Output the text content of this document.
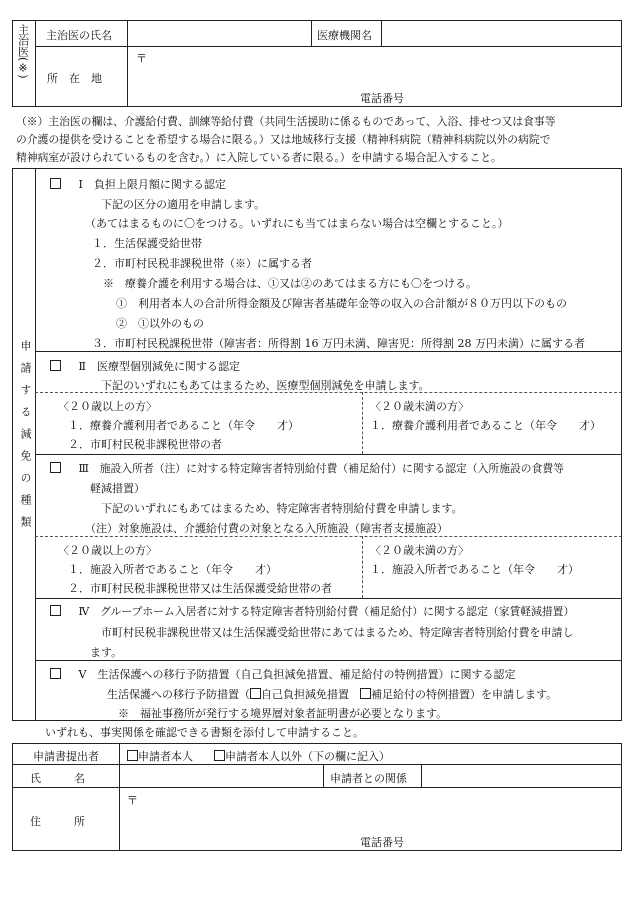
主治医(※) 主治医の氏名	医療機関名
所　在　地
〒
電話番号
（※）主治医の欄は、介護給付費、訓練等給付費（共同生活援助に係るものであって、入浴、排せつ又は食事等
の介護の提供を受けることを希望する場合に限る。）又は地域移行支援（精神科病院（精神科病院以外の病院で
精神病室が設けられているものを含む。）に入院している者に限る。）を申請する場合記入すること。
申請する減免の種類
Ⅰ　負担上限月額に関する認定
下記の区分の適用を申請します。
（あてはまるものに〇をつける。いずれにも当てはまらない場合は空欄とすること。）
１．生活保護受給世帯
２．市町村民税非課税世帯（※）に属する者
※　療養介護を利用する場合は、①又は②のあてはまる方にも〇をつける。
①　利用者本人の合計所得金額及び障害者基礎年金等の収入の合計額が８０万円以下のもの
②　①以外のもの
３．市町村民税課税世帯（障害者：所得割 16 万円未満、障害児：所得割 28 万円未満）に属する者
Ⅱ　医療型個別減免に関する認定
下記のいずれにもあてはまるため、医療型個別減免を申請します。
〈２０歳以上の方〉
１．療養介護利用者であること（年令　　才）
２．市町村民税非課税世帯の者
〈２０歳未満の方〉
１．療養介護利用者であること（年令　　才）
Ⅲ　施設入所者（注）に対する特定障害者特別給付費（補足給付）に関する認定（入所施設の食費等
軽減措置）
下記のいずれにもあてはまるため、特定障害者特別給付費を申請します。
（注）対象施設は、介護給付費の対象となる入所施設（障害者支援施設）
〈２０歳以上の方〉
１．施設入所者であること（年令　　才）
２．市町村民税非課税世帯又は生活保護受給世帯の者
〈２０歳未満の方〉
１．施設入所者であること（年令　　才）
Ⅳ　グループホーム入居者に対する特定障害者特別給付費（補足給付）に関する認定（家賃軽減措置）
市町村民税非課税世帯又は生活保護受給世帯にあてはまるため、特定障害者特別給付費を申請し
ます。
Ⅴ　生活保護への移行予防措置（自己負担減免措置、補足給付の特例措置）に関する認定
生活保護への移行予防措置（ 自己負担減免措置　 補足給付の特例措置）を申請します。
※　福祉事務所が発行する境界層対象者証明書が必要となります。
いずれも、事実関係を確認できる書類を添付して申請すること。
申請書提出者	申請者本人	申請者本人以外（下の欄に記入）
氏　　　名	申請者との関係
住　　　所
〒
電話番号
